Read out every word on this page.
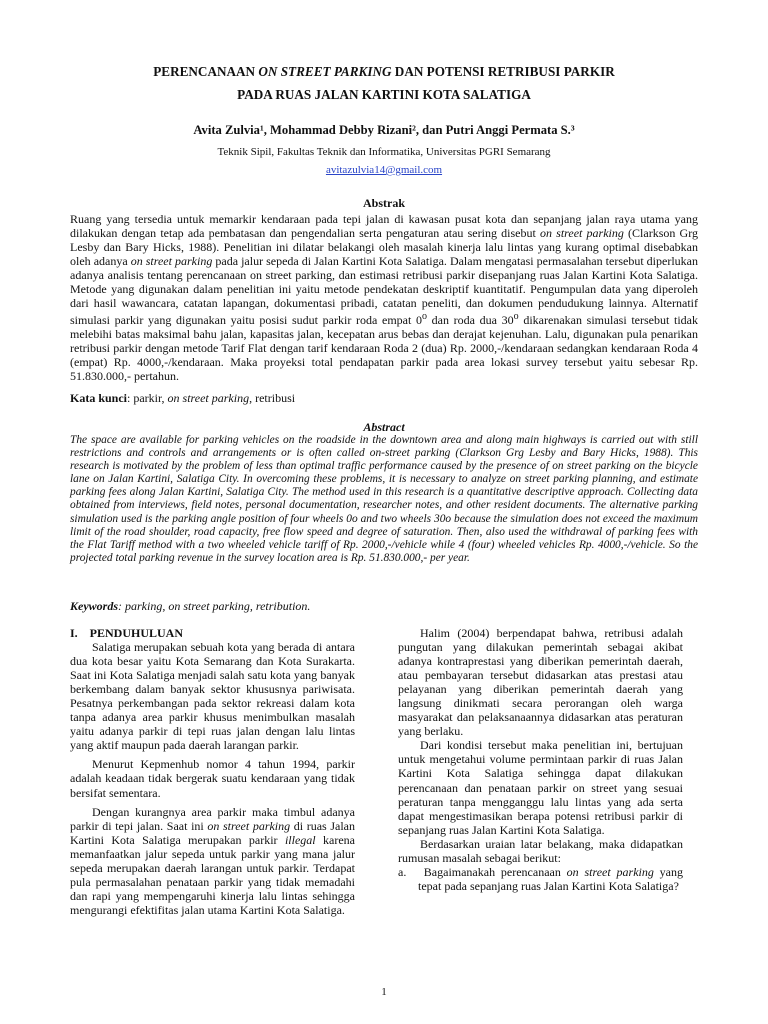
PERENCANAAN ON STREET PARKING DAN POTENSI RETRIBUSI PARKIR
PADA RUAS JALAN KARTINI KOTA SALATIGA
Avita Zulvia¹, Mohammad Debby Rizani², dan Putri Anggi Permata S.³
Teknik Sipil, Fakultas Teknik dan Informatika, Universitas PGRI Semarang
avitazulvia14@gmail.com
Abstrak

Ruang yang tersedia untuk memarkir kendaraan pada tepi jalan di kawasan pusat kota dan sepanjang jalan raya utama yang dilakukan dengan tetap ada pembatasan dan pengendalian serta pengaturan atau sering disebut on street parking (Clarkson Grg Lesby dan Bary Hicks, 1988). Penelitian ini dilatar belakangi oleh masalah kinerja lalu lintas yang kurang optimal disebabkan oleh adanya on street parking pada jalur sepeda di Jalan Kartini Kota Salatiga. Dalam mengatasi permasalahan tersebut diperlukan adanya analisis tentang perencanaan on street parking, dan estimasi retribusi parkir disepanjang ruas Jalan Kartini Kota Salatiga. Metode yang digunakan dalam penelitian ini yaitu metode pendekatan deskriptif kuantitatif. Pengumpulan data yang diperoleh dari hasil wawancara, catatan lapangan, dokumentasi pribadi, catatan peneliti, dan dokumen pendudukung lainnya. Alternatif simulasi parkir yang digunakan yaitu posisi sudut parkir roda empat 0$^o$ dan roda dua 30$^o$ dikarenakan simulasi tersebut tidak melebihi batas maksimal bahu jalan, kapasitas jalan, kecepatan arus bebas dan derajat kejenuhan. Lalu, digunakan pula penarikan retribusi parkir dengan metode Tarif Flat dengan tarif kendaraan Roda 2 (dua) Rp. 2000,-/kendaraan sedangkan kendaraan Roda 4 (empat) Rp. 4000,-/kendaraan. Maka proyeksi total pendapatan parkir pada area lokasi survey tersebut yaitu sebesar Rp. 51.830.000,- pertahun.

Kata kunci: parkir, on street parking, retribusi
Abstract

The space are available for parking vehicles on the roadside in the downtown area and along main highways is carried out with still restrictions and controls and arrangements or is often called on-street parking (Clarkson Grg Lesby and Bary Hicks, 1988). This research is motivated by the problem of less than optimal traffic performance caused by the presence of on street parking on the bicycle lane on Jalan Kartini, Salatiga City. In overcoming these problems, it is necessary to analyze on street parking planning, and estimate parking fees along Jalan Kartini, Salatiga City. The method used in this research is a quantitative descriptive approach. Collecting data obtained from interviews, field notes, personal documentation, researcher notes, and other resident documents. The alternative parking simulation used is the parking angle position of four wheels 0o and two wheels 30o because the simulation does not exceed the maximum limit of the road shoulder, road capacity, free flow speed and degree of saturation. Then, also used the withdrawal of parking fees with the Flat Tariff method with a two wheeled vehicle tariff of Rp. 2000,-/vehicle while 4 (four) wheeled vehicles Rp. 4000,-/vehicle. So the projected total parking revenue in the survey location area is Rp. 51.830.000,- per year.

Keywords: parking, on street parking, retribution.

I. PENDUHULUAN

Salatiga merupakan sebuah kota yang berada di antara dua kota besar yaitu Kota Semarang dan Kota Surakarta. Saat ini Kota Salatiga menjadi salah satu kota yang banyak berkembang dalam banyak sektor khususnya pariwisata. Pesatnya perkembangan pada sektor rekreasi dalam kota tanpa adanya area parkir khusus menimbulkan masalah yaitu adanya parkir di tepi ruas jalan dengan lalu lintas yang aktif maupun pada daerah larangan parkir.

Menurut Kepmenhub nomor 4 tahun 1994, parkir adalah keadaan tidak bergerak suatu kendaraan yang tidak bersifat sementara.

Dengan kurangnya area parkir maka timbul adanya parkir di tepi jalan. Saat ini on street parking di ruas Jalan Kartini Kota Salatiga merupakan parkir illegal karena memanfaatkan jalur sepeda untuk parkir yang mana jalur sepeda merupakan daerah larangan untuk parkir. Terdapat pula permasalahan penataan parkir yang tidak memadahi dan rapi yang mempengaruhi kinerja lalu lintas sehingga mengurangi efektifitas jalan utama Kartini Kota Salatiga.

Halim (2004) berpendapat bahwa, retribusi adalah pungutan yang dilakukan pemerintah sebagai akibat adanya kontraprestasi yang diberikan pemerintah daerah, atau pembayaran tersebut didasarkan atas prestasi atau pelayanan yang diberikan pemerintah daerah yang langsung dinikmati secara perorangan oleh warga masyarakat dan pelaksanaannya didasarkan atas peraturan yang berlaku.

Dari kondisi tersebut maka penelitian ini, bertujuan untuk mengetahui volume permintaan parkir di ruas Jalan Kartini Kota Salatiga sehingga dapat dilakukan perencanaan dan penataan parkir on street yang sesuai peraturan tanpa mengganggu lalu lintas yang ada serta dapat mengestimasikan berapa potensi retribusi parkir di sepanjang ruas Jalan Kartini Kota Salatiga.

Berdasarkan uraian latar belakang, maka didapatkan rumusan masalah sebagai berikut:

a. Bagaimanakah perencanaan on street parking yang tepat pada sepanjang ruas Jalan Kartini Kota Salatiga?

1
